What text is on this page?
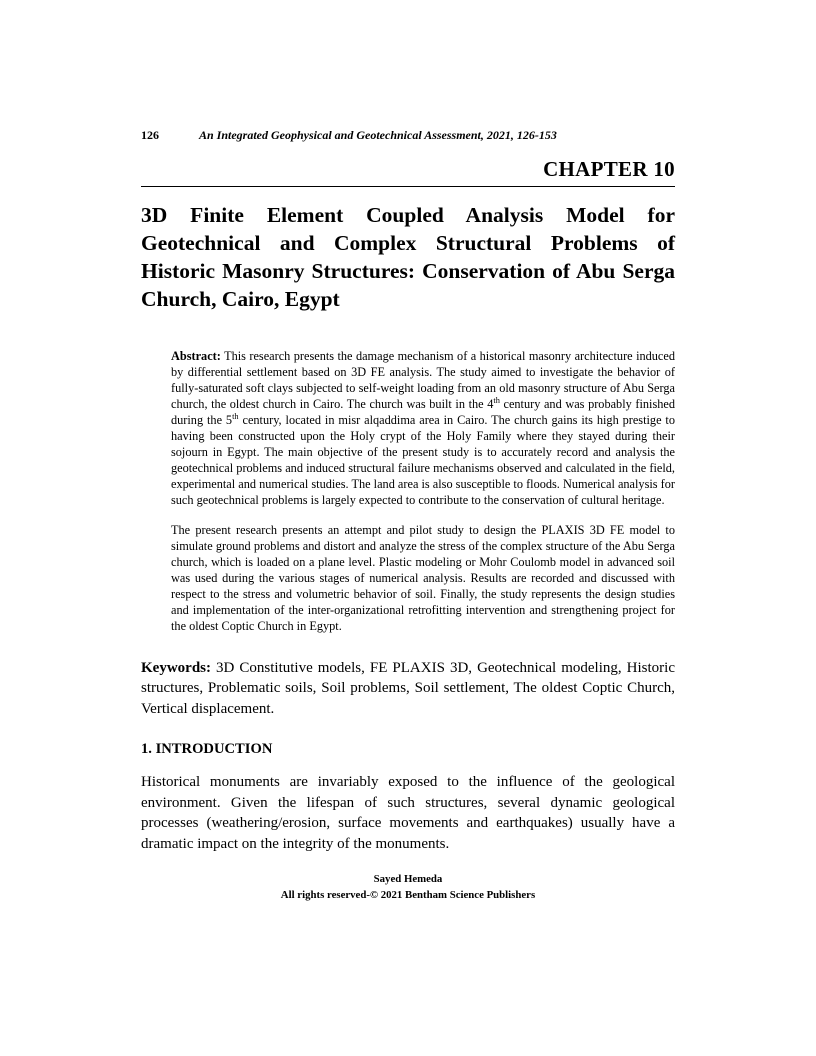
126	An Integrated Geophysical and Geotechnical Assessment, 2021, 126-153
CHAPTER 10
3D Finite Element Coupled Analysis Model for Geotechnical and Complex Structural Problems of Historic Masonry Structures: Conservation of Abu Serga Church, Cairo, Egypt

Abstract: This research presents the damage mechanism of a historical masonry architecture induced by differential settlement based on 3D FE analysis. The study aimed to investigate the behavior of fully-saturated soft clays subjected to self-weight loading from an old masonry structure of Abu Serga church, the oldest church in Cairo. The church was built in the 4th century and was probably finished during the 5th century, located in misr alqaddima area in Cairo. The church gains its high prestige to having been constructed upon the Holy crypt of the Holy Family where they stayed during their sojourn in Egypt. The main objective of the present study is to accurately record and analysis the geotechnical problems and induced structural failure mechanisms observed and calculated in the field, experimental and numerical studies. The land area is also susceptible to floods. Numerical analysis for such geotechnical problems is largely expected to contribute to the conservation of cultural heritage.

The present research presents an attempt and pilot study to design the PLAXIS 3D FE model to simulate ground problems and distort and analyze the stress of the complex structure of the Abu Serga church, which is loaded on a plane level. Plastic modeling or Mohr Coulomb model in advanced soil was used during the various stages of numerical analysis. Results are recorded and discussed with respect to the stress and volumetric behavior of soil. Finally, the study represents the design studies and implementation of the inter-organizational retrofitting intervention and strengthening project for the oldest Coptic Church in Egypt.

Keywords: 3D Constitutive models, FE PLAXIS 3D, Geotechnical modeling, Historic structures, Problematic soils, Soil problems, Soil settlement, The oldest Coptic Church, Vertical displacement.

1. INTRODUCTION

Historical monuments are invariably exposed to the influence of the geological environment. Given the lifespan of such structures, several dynamic geological processes (weathering/erosion, surface movements and earthquakes) usually have a dramatic impact on the integrity of the monuments.

Sayed Hemeda
All rights reserved-© 2021 Bentham Science Publishers
